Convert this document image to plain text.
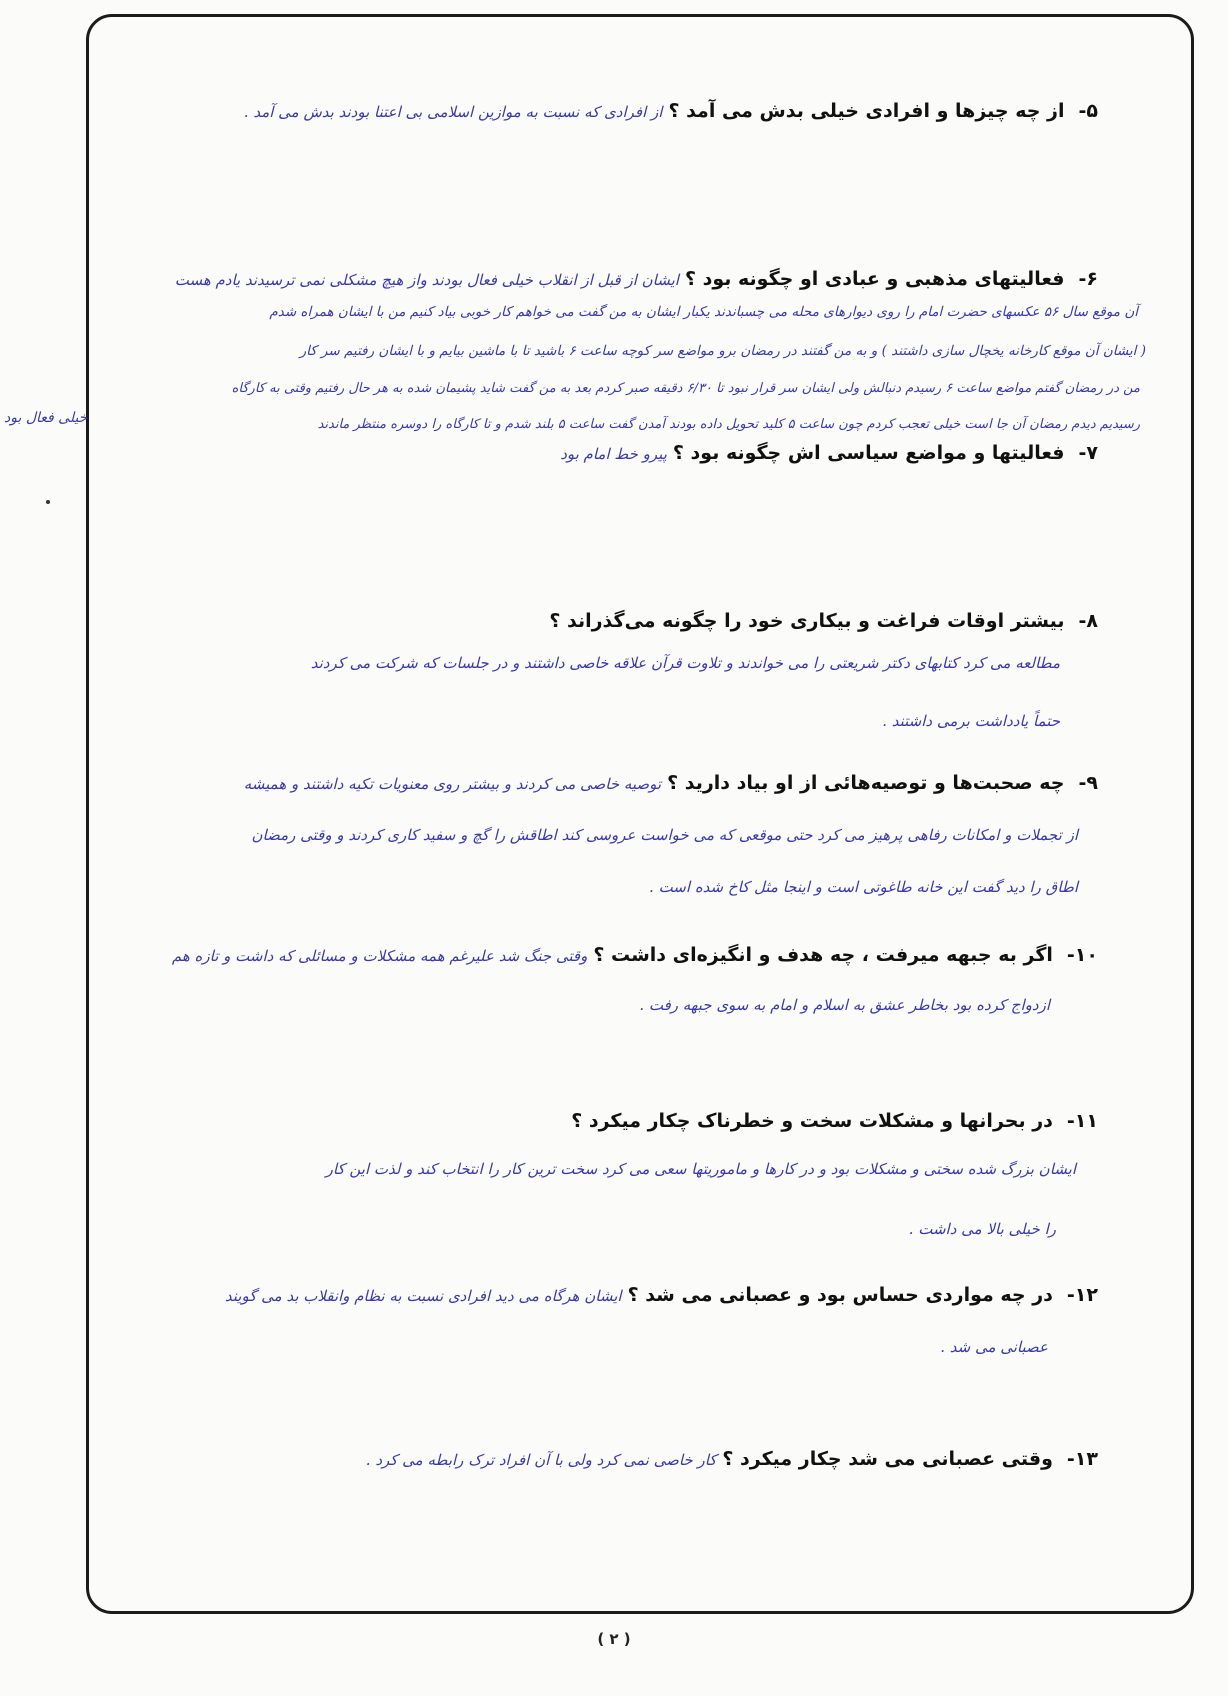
۵-از چه چیزها و افرادی خیلی بدش می آمد ؟از افرادی که نسبت به موازین اسلامی بی اعتنا بودند بدش می آمد .
۶-فعالیتهای مذهبی و عبادی او چگونه بود ؟ایشان از قبل از انقلاب خیلی فعال بودند واز هیچ مشکلی نمی ترسیدند یادم هست
آن موقع سال ۵۶ عکسهای حضرت امام را روی دیوارهای محله می چسباندند یکبار ایشان به من گفت می خواهم کار خوبی بیاد کنیم من با ایشان همراه شدم
( ایشان آن موقع کارخانه یخچال سازی داشتند ) و به من گفتند در رمضان برو مواضع سر کوچه ساعت ۶ باشید تا با ماشین بیایم و با ایشان رفتیم سر کار
من در رمضان گفتم مواضع ساعت ۶ رسیدم دنبالش ولی ایشان سر قرار نبود تا ۶/۳۰ دقیقه صبر کردم بعد به من گفت شاید پشیمان شده به هر حال رفتیم وقتی به کارگاه
رسیدیم دیدم رمضان آن جا است خیلی تعجب کردم چون ساعت ۵ کلید تحویل داده بودند آمدن گفت ساعت ۵ بلند شدم و تا کارگاه را دوسره منتظر ماندند
خیلی فعال بود
۷-فعالیتها و مواضع سیاسی اش چگونه بود ؟پیرو خط امام بود
۸-بیشتر اوقات فراغت و بیکاری خود را چگونه می‌گذراند ؟
مطالعه می کرد کتابهای دکتر شریعتی را می خواندند و تلاوت قرآن علاقه خاصی داشتند و در جلسات که شرکت می کردند
حتماً یادداشت برمی داشتند .
۹-چه صحبت‌ها و توصیه‌هائی از او بیاد دارید ؟توصیه خاصی می کردند و بیشتر روی معنویات تکیه داشتند و همیشه
از تجملات و امکانات رفاهی پرهیز می کرد حتی موقعی که می خواست عروسی کند اطاقش را گچ و سفید کاری کردند و وقتی رمضان
اطاق را دید گفت این خانه طاغوتی است و اینجا مثل کاخ شده است .
۱۰-اگر به جبهه میرفت ، چه هدف و انگیزه‌ای داشت ؟وقتی جنگ شد علیرغم همه مشکلات و مسائلی که داشت و تازه هم
ازدواج کرده بود بخاطر عشق به اسلام و امام به سوی جبهه رفت .
۱۱-در بحرانها و مشکلات سخت و خطرناک چکار میکرد ؟
ایشان بزرگ شده سختی و مشکلات بود و در کارها و ماموریتها سعی می کرد سخت ترین کار را انتخاب کند و لذت این کار
را خیلی بالا می داشت .
۱۲-در چه مواردی حساس بود و عصبانی می شد ؟ایشان هرگاه می دید افرادی نسبت به نظام وانقلاب بد می گویند
عصبانی می شد .
۱۳-وقتی عصبانی می شد چکار میکرد ؟کار خاصی نمی کرد ولی با آن افراد ترک رابطه می کرد .
( ۲ )
